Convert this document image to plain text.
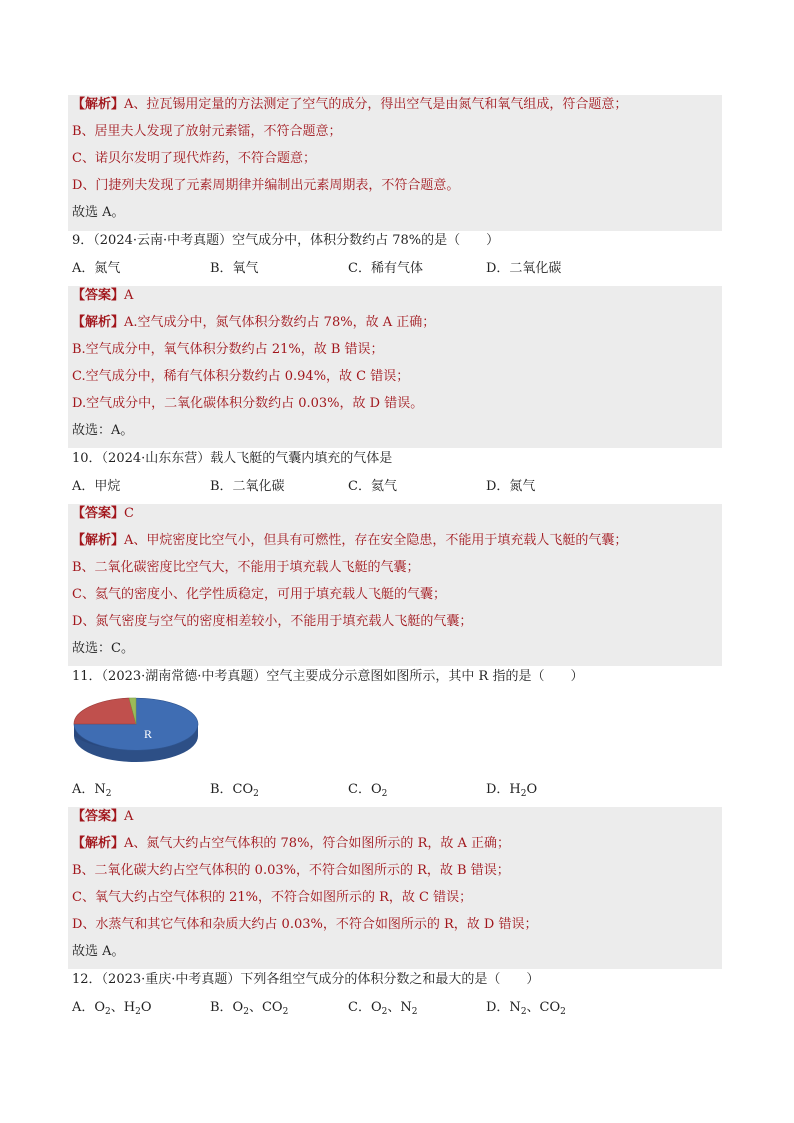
【解析】A、拉瓦锡用定量的方法测定了空气的成分，得出空气是由氮气和氧气组成，符合题意；
B、居里夫人发现了放射元素镭，不符合题意；
C、诺贝尔发明了现代炸药，不符合题意；
D、门捷列夫发现了元素周期律并编制出元素周期表，不符合题意。
故选 A。
9．（2024·云南·中考真题）空气成分中，体积分数约占 78%的是（　　）
A．氮气	B．氧气	C．稀有气体	D．二氧化碳
【答案】A
【解析】A.空气成分中，氮气体积分数约占 78%，故 A 正确；
B.空气成分中，氧气体积分数约占 21%，故 B 错误；
C.空气成分中，稀有气体积分数约占 0.94%，故 C 错误；
D.空气成分中，二氧化碳体积分数约占 0.03%，故 D 错误。
故选：A。
10．（2024·山东东营）载人飞艇的气囊内填充的气体是
A．甲烷	B．二氧化碳	C．氦气	D．氮气
【答案】C
【解析】A、甲烷密度比空气小，但具有可燃性，存在安全隐患，不能用于填充载人飞艇的气囊；
B、二氧化碳密度比空气大，不能用于填充载人飞艇的气囊；
C、氦气的密度小、化学性质稳定，可用于填充载人飞艇的气囊；
D、氮气密度与空气的密度相差较小，不能用于填充载人飞艇的气囊；
故选：C。
11．（2023·湖南常德·中考真题）空气主要成分示意图如图所示，其中 R 指的是（　　）
R
A．$N_2$	B．$CO_2$	C．$O_2$	D．$H_2O$
【答案】A
【解析】A、氮气大约占空气体积的 78%，符合如图所示的 R，故 A 正确；
B、二氧化碳大约占空气体积的 0.03%，不符合如图所示的 R，故 B 错误；
C、氧气大约占空气体积的 21%，不符合如图所示的 R，故 C 错误；
D、水蒸气和其它气体和杂质大约占 0.03%，不符合如图所示的 R，故 D 错误；
故选 A。
12．（2023·重庆·中考真题）下列各组空气成分的体积分数之和最大的是（　　）
A．$O_2$、$H_2O$	B．$O_2$、$CO_2$	C．$O_2$、$N_2$	D．$N_2$、$CO_2$
